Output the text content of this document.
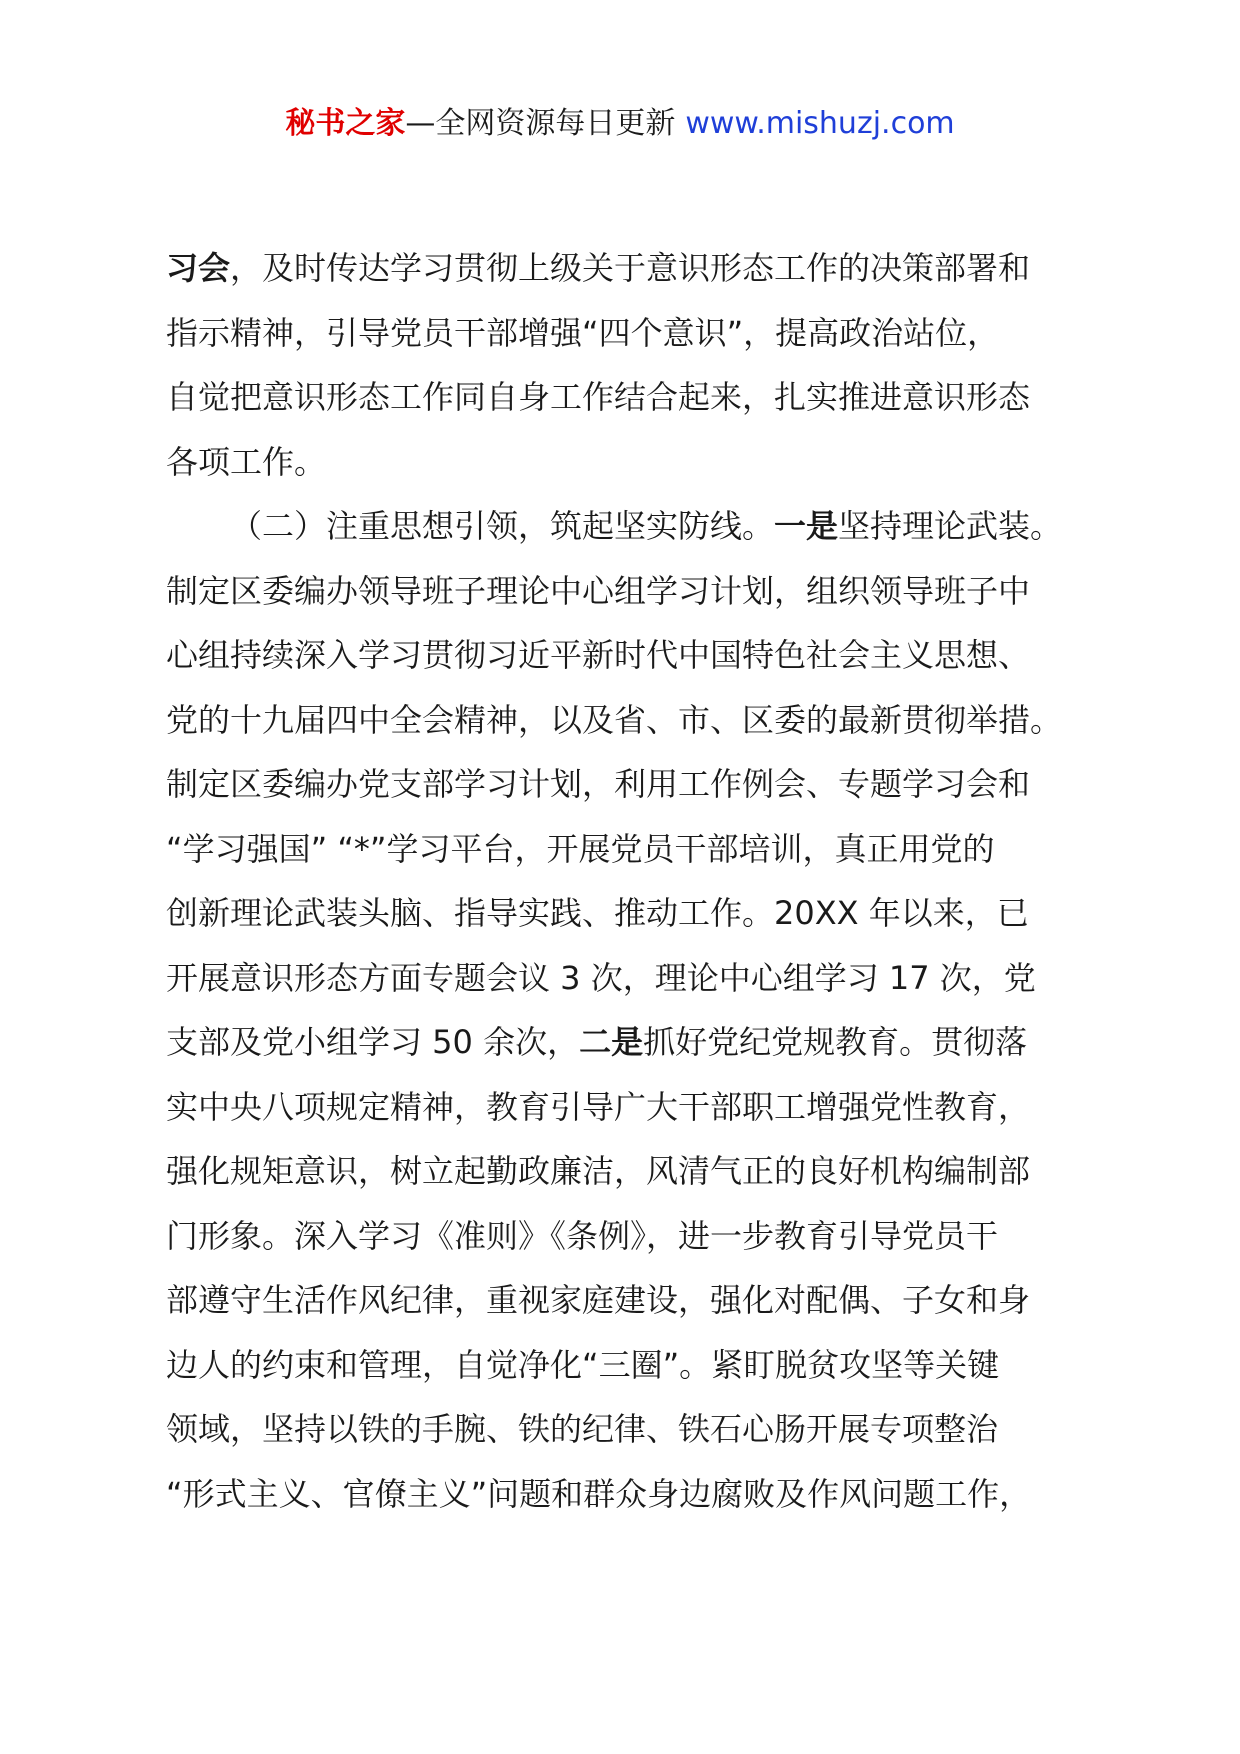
秘书之家—全网资源每日更新 www.mishuzj.com
习会，及时传达学习贯彻上级关于意识形态工作的决策部署和
指示精神，引导党员干部增强“四个意识”，提高政治站位，
自觉把意识形态工作同自身工作结合起来，扎实推进意识形态
各项工作。
（二）注重思想引领，筑起坚实防线。一是坚持理论武装。
制定区委编办领导班子理论中心组学习计划，组织领导班子中
心组持续深入学习贯彻习近平新时代中国特色社会主义思想、
党的十九届四中全会精神，以及省、市、区委的最新贯彻举措。
制定区委编办党支部学习计划，利用工作例会、专题学习会和
“学习强国” “*”学习平台，开展党员干部培训，真正用党的
创新理论武装头脑、指导实践、推动工作。20XX 年以来，已
开展意识形态方面专题会议 3 次，理论中心组学习 17 次，党
支部及党小组学习 50 余次，二是抓好党纪党规教育。贯彻落
实中央八项规定精神，教育引导广大干部职工增强党性教育，
强化规矩意识，树立起勤政廉洁，风清气正的良好机构编制部
门形象。深入学习《准则》《条例》，进一步教育引导党员干
部遵守生活作风纪律，重视家庭建设，强化对配偶、子女和身
边人的约束和管理，自觉净化“三圈”。紧盯脱贫攻坚等关键
领域，坚持以铁的手腕、铁的纪律、铁石心肠开展专项整治
“形式主义、官僚主义”问题和群众身边腐败及作风问题工作，
